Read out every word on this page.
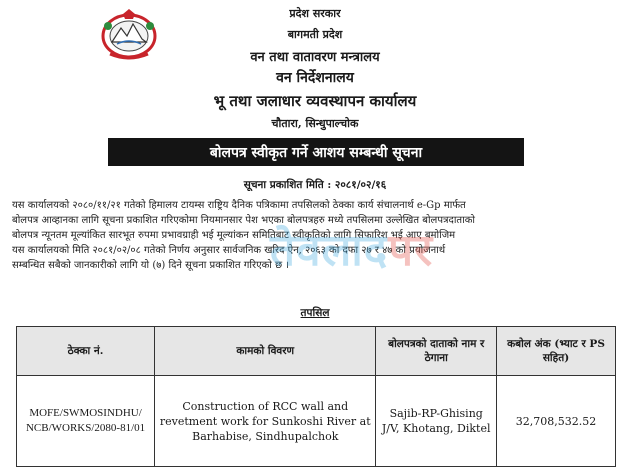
प्रदेश सरकार
बागमती प्रदेश
वन तथा वातावरण मन्त्रालय
वन निर्देशनालय
भू तथा जलाधार व्यवस्थापन कार्यालय
चौतारा, सिन्धुपाल्चोक
बोलपत्र स्वीकृत गर्ने आशय सम्बन्धी सूचना
सूचना प्रकाशित मिति : २०८१/०२/१६

यस कार्यालयको २०८०/११/२१ गतेको हिमालय टायम्स राष्ट्रिय दैनिक पत्रिकामा तपसिलको ठेक्का कार्य संचालनार्थ e-Gp मार्फत

बोलपत्र आव्हानका लागि सूचना प्रकाशित गरिएकोमा नियमानसार पेश भएका बोलपत्रहरु मध्ये तपसिलमा उल्लेखित बोलपत्रदाताको

बोलपत्र न्यूनतम मूल्यांकित सारभूत रुपमा प्रभावग्राही भई मूल्यांकन समितिबाट स्वीकृतिको लागि सिफारिश भई आए बमोजिम

यस कार्यालयको मिति २०८१/०२/०८ गतेको निर्णय अनुसार सार्वजनिक खरिद ऐन, २०६३ को दफा २७ र ४७ को प्रयोजनार्थ

सम्बन्धित सबैको जानकारीको लागि यो (७) दिने सूचना प्रकाशित गरिएको छ ।

तेवलादपर
तपसिल
ठेक्का नं.	कामको विवरण	बोलपत्रको दाताको नाम र ठेगाना	कबोल अंक (भ्याट र PS सहित)
MOFE/SWMOSINDHU/NCB/WORKS/2080-81/01	Construction of RCC wall and revetment work for Sunkoshi River at Barhabise, Sindhupalchok	Sajib-RP-Ghising J/V, Khotang, Diktel	32,708,532.52
